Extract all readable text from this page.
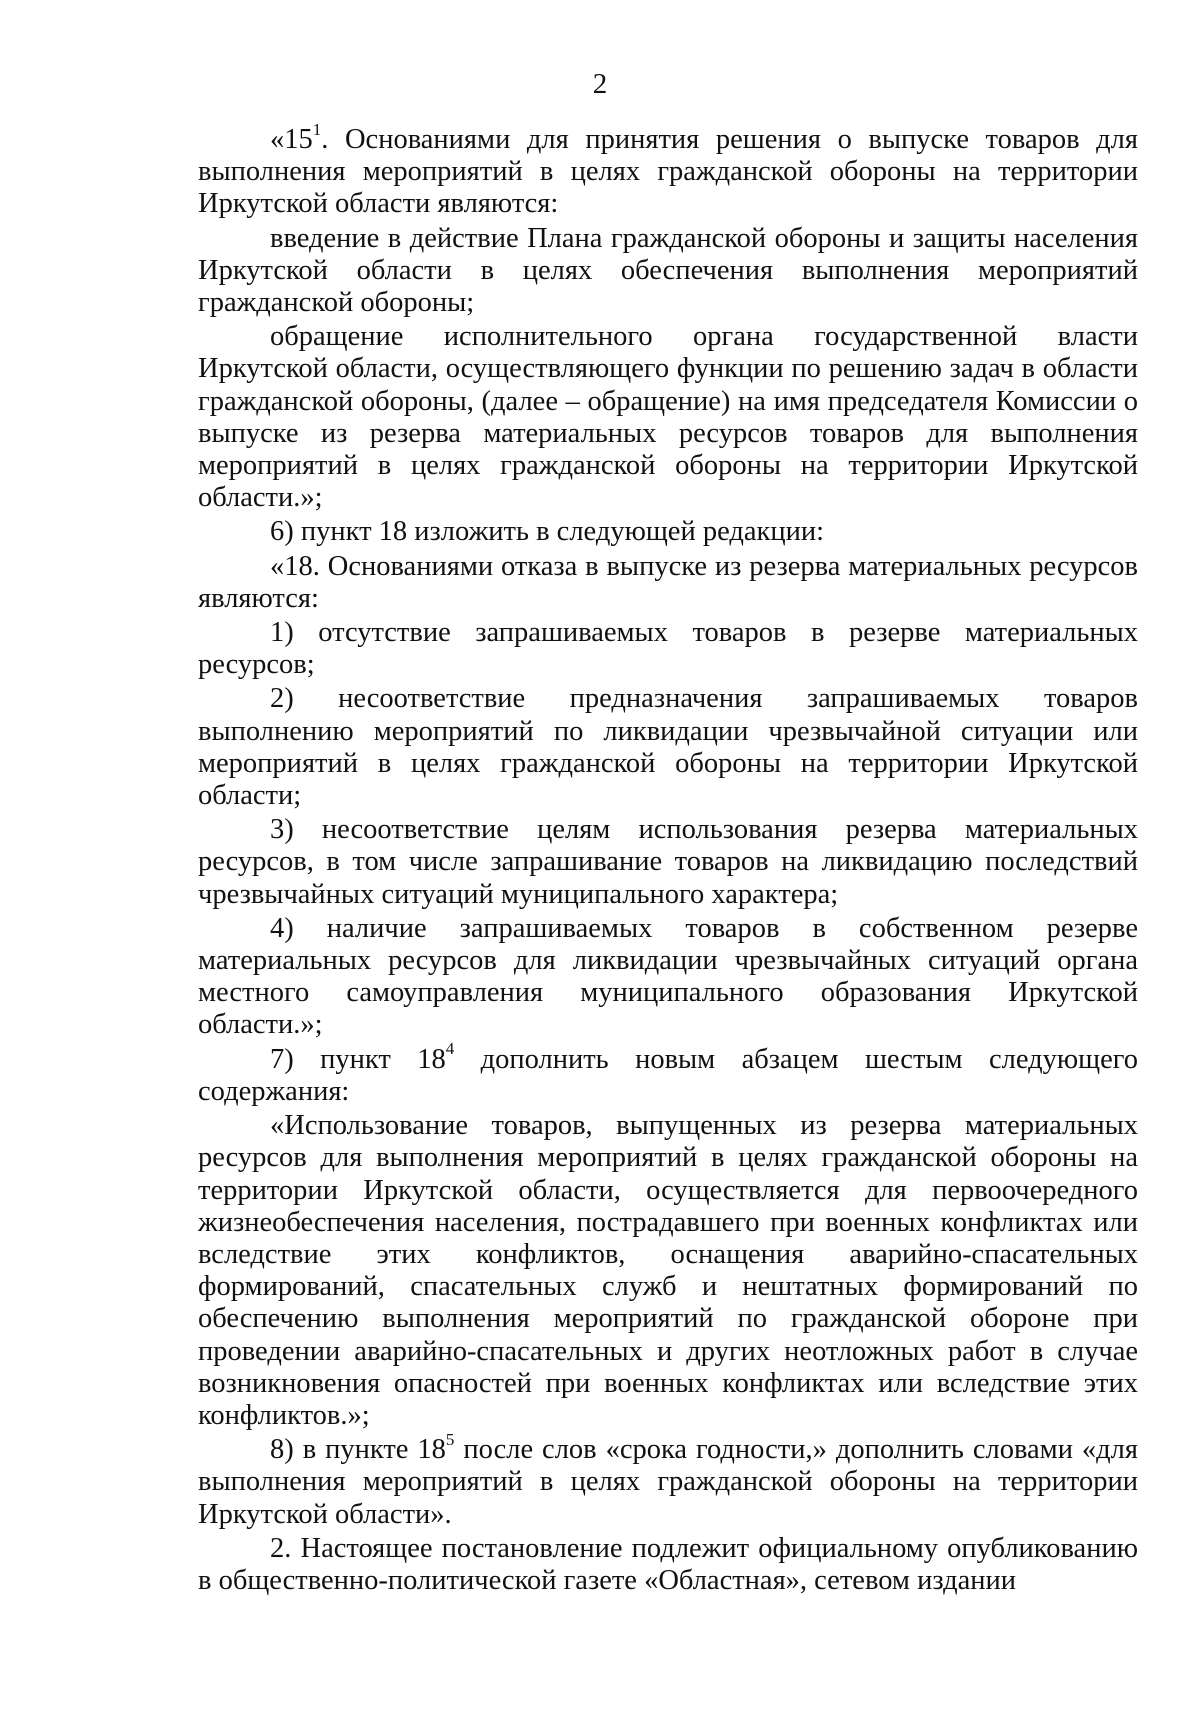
2

«$15^1$. Основаниями для принятия решения о выпуске товаров для выполнения мероприятий в целях гражданской обороны на территории Иркутской области являются:

введение в действие Плана гражданской обороны и защиты населения Иркутской области в целях обеспечения выполнения мероприятий гражданской обороны;

обращение исполнительного органа государственной власти Иркутской области, осуществляющего функции по решению задач в области гражданской обороны, (далее – обращение) на имя председателя Комиссии о выпуске из резерва материальных ресурсов товаров для выполнения мероприятий в целях гражданской обороны на территории Иркутской области.»;

6) пункт 18 изложить в следующей редакции:

«18. Основаниями отказа в выпуске из резерва материальных ресурсов являются:

1) отсутствие запрашиваемых товаров в резерве материальных ресурсов;

2) несоответствие предназначения запрашиваемых товаров выполнению мероприятий по ликвидации чрезвычайной ситуации или мероприятий в целях гражданской обороны на территории Иркутской области;

3) несоответствие целям использования резерва материальных ресурсов, в том числе запрашивание товаров на ликвидацию последствий чрезвычайных ситуаций муниципального характера;

4) наличие запрашиваемых товаров в собственном резерве материальных ресурсов для ликвидации чрезвычайных ситуаций органа местного самоуправления муниципального образования Иркутской области.»;

7) пункт $18^4$ дополнить новым абзацем шестым следующего содержания:

«Использование товаров, выпущенных из резерва материальных ресурсов для выполнения мероприятий в целях гражданской обороны на территории Иркутской области, осуществляется для первоочередного жизнеобеспечения населения, пострадавшего при военных конфликтах или вследствие этих конфликтов, оснащения аварийно-спасательных формирований, спасательных служб и нештатных формирований по обеспечению выполнения мероприятий по гражданской обороне при проведении аварийно-спасательных и других неотложных работ в случае возникновения опасностей при военных конфликтах или вследствие этих конфликтов.»;

8) в пункте $18^5$ после слов «срока годности,» дополнить словами «для выполнения мероприятий в целях гражданской обороны на территории Иркутской области».

2. Настоящее постановление подлежит официальному опубликованию в общественно-политической газете «Областная», сетевом издании
